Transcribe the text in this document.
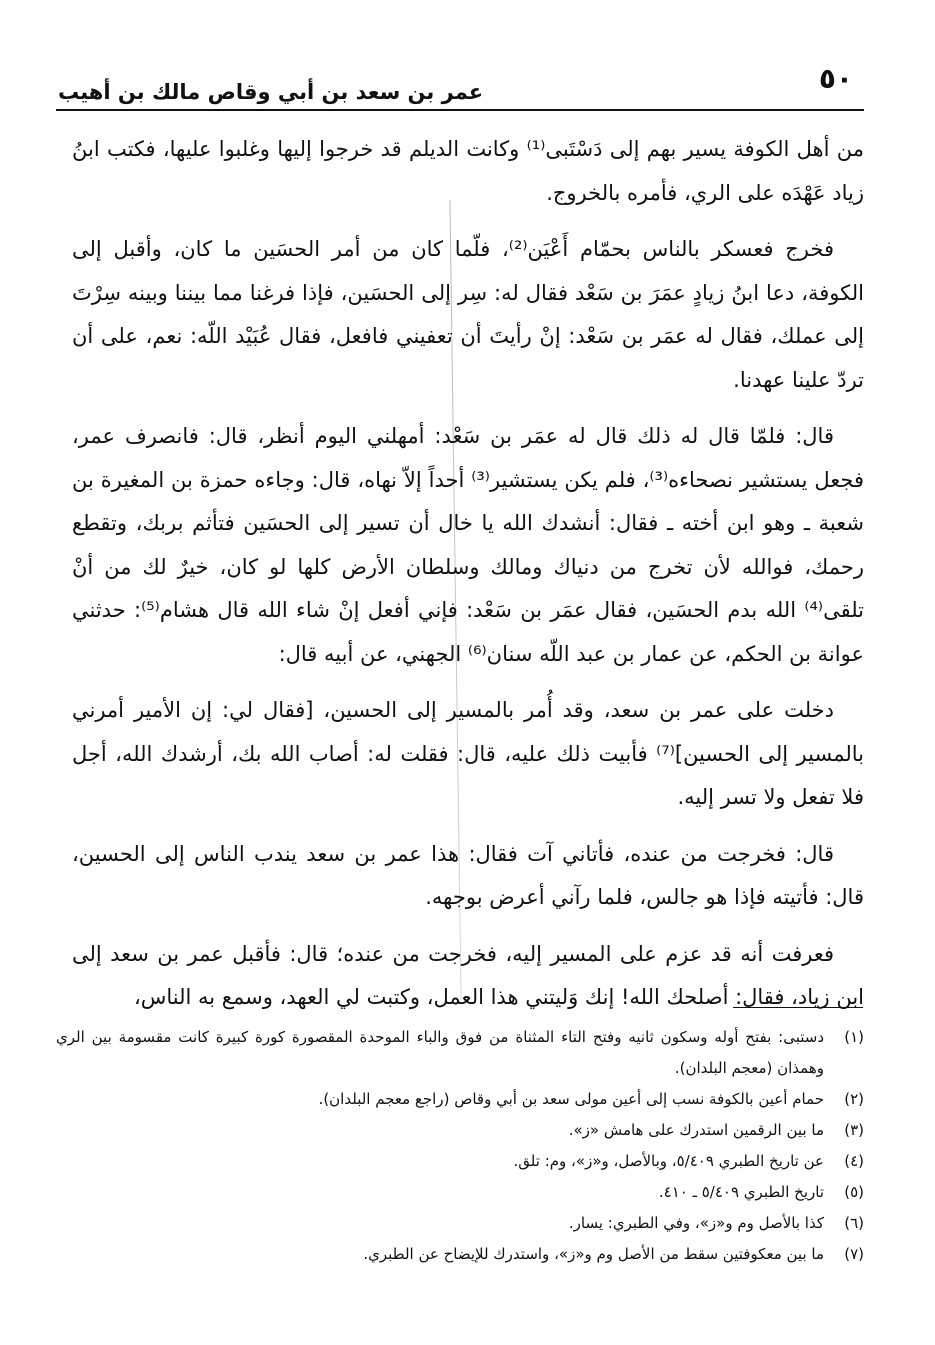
٥٠
عمر بن سعد بن أبي وقاص مالك بن أهيب

من أهل الكوفة يسير بهم إلى دَسْتَبى⁽¹⁾ وكانت الديلم قد خرجوا إليها وغلبوا عليها، فكتب ابنُ زياد عَهْدَه على الري، فأمره بالخروج.

فخرج فعسكر بالناس بحمّام أَعْيَن⁽²⁾، فلّما كان من أمر الحسَين ما كان، وأقبل إلى الكوفة، دعا ابنُ زيادٍ عمَرَ بن سَعْد فقال له: سِر إلى الحسَين، فإذا فرغنا مما بيننا وبينه سِرْتَ إلى عملك، فقال له عمَر بن سَعْد: إنْ رأيتَ أن تعفيني فافعل، فقال عُبَيْد اللّه: نعم، على أن تردّ علينا عهدنا.

قال: فلمّا قال له ذلك قال له عمَر بن سَعْد: أمهلني اليوم أنظر، قال: فانصرف عمر، فجعل يستشير نصحاءه⁽³⁾، فلم يكن يستشير⁽³⁾ أحداً إلاّ نهاه، قال: وجاءه حمزة بن المغيرة بن شعبة ـ وهو ابن أخته ـ فقال: أنشدك الله يا خال أن تسير إلى الحسَين فتأثم بربك، وتقطع رحمك، فوالله لأن تخرج من دنياك ومالك وسلطان الأرض كلها لو كان، خيرٌ لك من أنْ تلقى⁽⁴⁾ الله بدم الحسَين، فقال عمَر بن سَعْد: فإني أفعل إنْ شاء الله قال هشام⁽⁵⁾: حدثني عوانة بن الحكم، عن عمار بن عبد اللّه سنان⁽⁶⁾ الجهني، عن أبيه قال:

دخلت على عمر بن سعد، وقد أُمر بالمسير إلى الحسين، [فقال لي: إن الأمير أمرني بالمسير إلى الحسين]⁽⁷⁾ فأبيت ذلك عليه، قال: فقلت له: أصاب الله بك، أرشدك الله، أجل فلا تفعل ولا تسر إليه.

قال: فخرجت من عنده، فأتاني آت فقال: هذا عمر بن سعد يندب الناس إلى الحسين، قال: فأتيته فإذا هو جالس، فلما رآني أعرض بوجهه.

فعرفت أنه قد عزم على المسير إليه، فخرجت من عنده؛ قال: فأقبل عمر بن سعد إلى ابن زياد، فقال: أصلحك الله! إنك وَليتني هذا العمل، وكتبت لي العهد، وسمع به الناس،

(١)
دستبى: بفتح أوله وسكون ثانيه وفتح التاء المثناة من فوق والباء الموحدة المقصورة كورة كبيرة كانت مقسومة بين الري وهمذان (معجم البلدان).
(٢)
حمام أعين بالكوفة نسب إلى أعين مولى سعد بن أبي وقاص (راجع معجم البلدان).
(٣)
ما بين الرقمين استدرك على هامش «ز».
(٤)
عن تاريخ الطبري ٥/٤٠٩، وبالأصل، و«ز»، وم: تلق.
(٥)
تاريخ الطبري ٥/٤٠٩ ـ ٤١٠.
(٦)
كذا بالأصل وم و«ز»، وفي الطبري: يسار.
(٧)
ما بين معكوفتين سقط من الأصل وم و«ز»، واستدرك للإيضاح عن الطبري.
